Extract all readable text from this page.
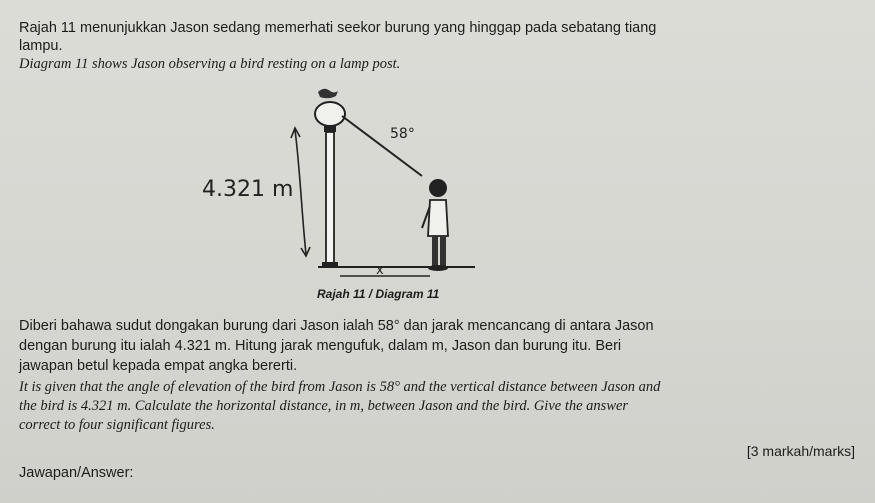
Rajah 11 menunjukkan Jason sedang memerhati seekor burung yang hinggap pada sebatang tiang

lampu.

Diagram 11 shows Jason observing a bird resting on a lamp post.

4.321 m
58°
x
Rajah 11 / Diagram 11

Diberi bahawa sudut dongakan burung dari Jason ialah 58° dan jarak mencancang di antara Jason

dengan burung itu ialah 4.321 m. Hitung jarak mengufuk, dalam m, Jason dan burung itu. Beri

jawapan betul kepada empat angka bererti.

It is given that the angle of elevation of the bird from Jason is 58° and the vertical distance between Jason and

the bird is 4.321 m. Calculate the horizontal distance, in m, between Jason and the bird. Give the answer

correct to four significant figures.

[3 markah/marks]
Jawapan/Answer:
